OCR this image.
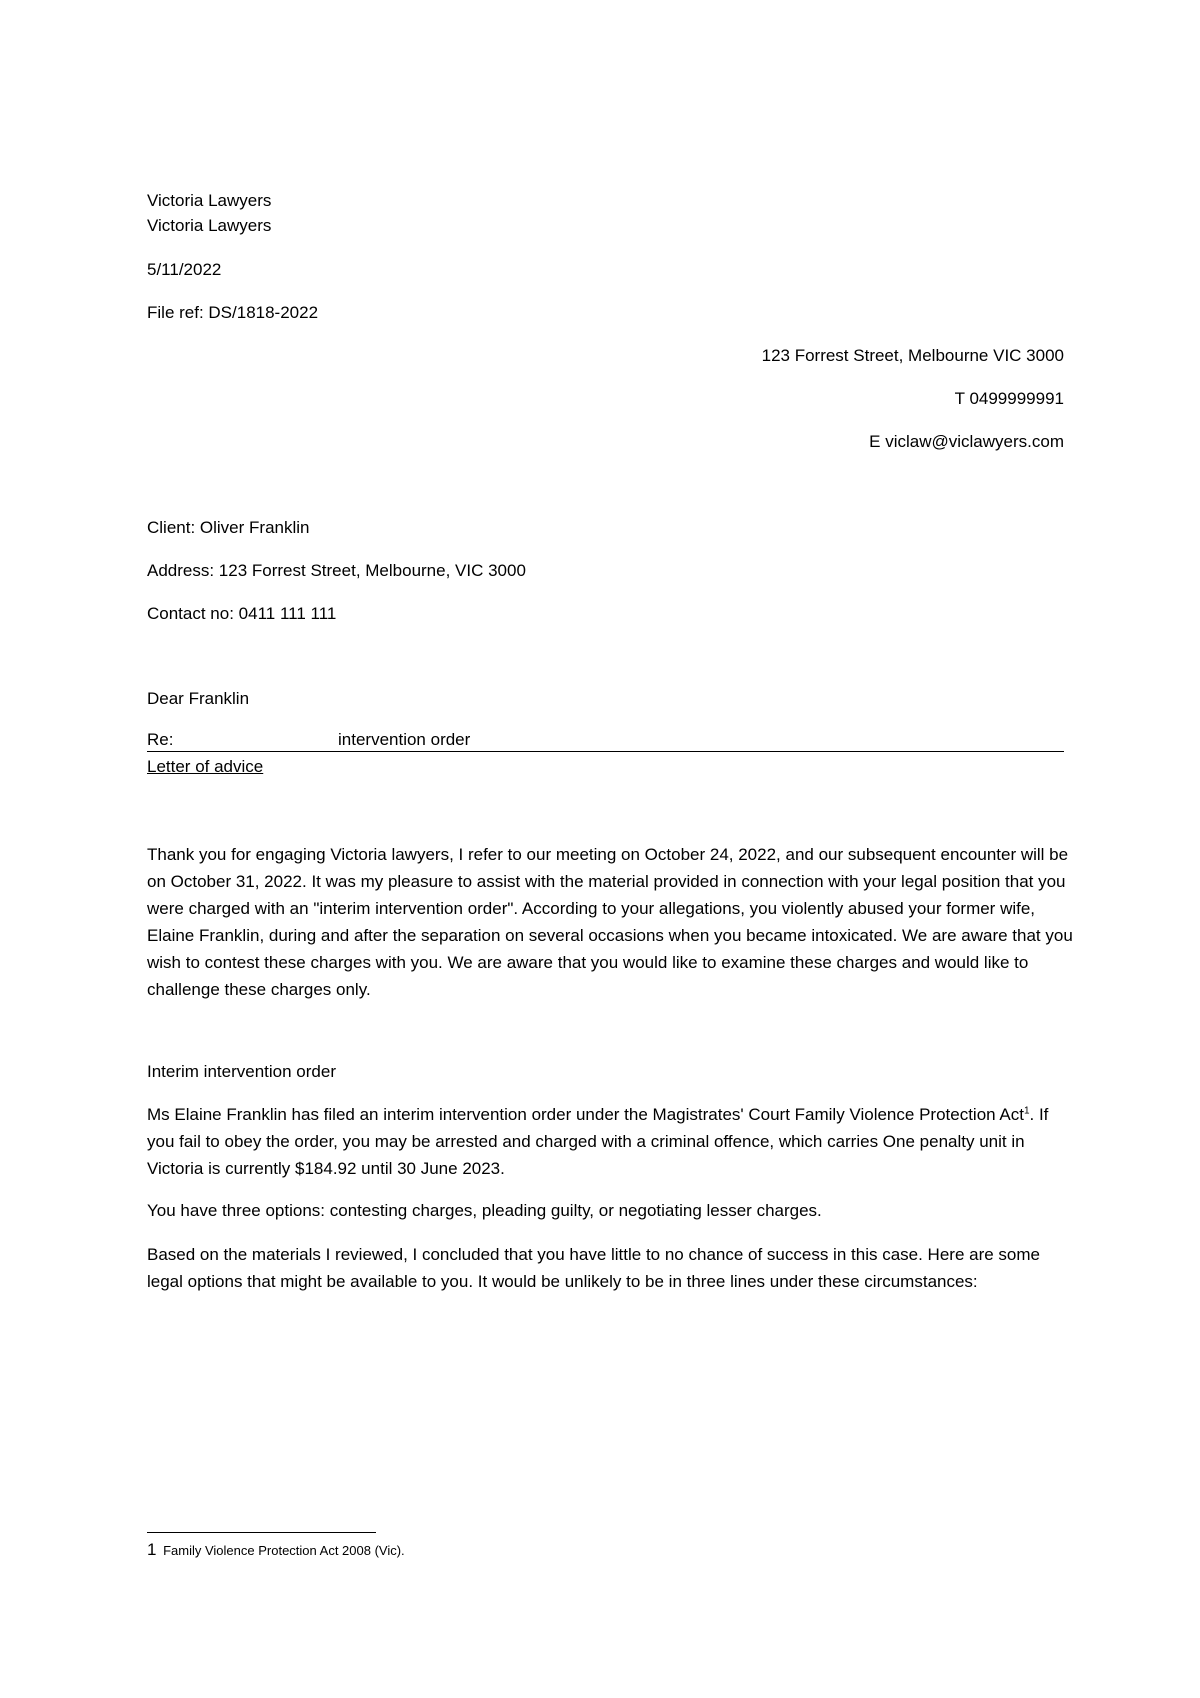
Victoria Lawyers
Victoria Lawyers
5/11/2022
File ref: DS/1818-2022
123 Forrest Street, Melbourne VIC 3000
T 0499999991
E viclaw@viclawyers.com
Client: Oliver Franklin
Address: 123 Forrest Street, Melbourne, VIC 3000
Contact no: 0411 111 111
Dear Franklin
Re:	intervention order
Letter of advice

Thank you for engaging Victoria lawyers, I refer to our meeting on October 24, 2022, and our subsequent encounter will be on October 31, 2022. It was my pleasure to assist with the material provided in connection with your legal position that you were charged with an "interim intervention order". According to your allegations, you violently abused your former wife, Elaine Franklin, during and after the separation on several occasions when you became intoxicated. We are aware that you wish to contest these charges with you. We are aware that you would like to examine these charges and would like to challenge these charges only.

Interim intervention order

Ms Elaine Franklin has filed an interim intervention order under the Magistrates' Court Family Violence Protection Act$^1$. If you fail to obey the order, you may be arrested and charged with a criminal offence, which carries One penalty unit in Victoria is currently $184.92 until 30 June 2023.

You have three options: contesting charges, pleading guilty, or negotiating lesser charges.

Based on the materials I reviewed, I concluded that you have little to no chance of success in this case. Here are some legal options that might be available to you. It would be unlikely to be in three lines under these circumstances:

1 Family Violence Protection Act 2008 (Vic).
